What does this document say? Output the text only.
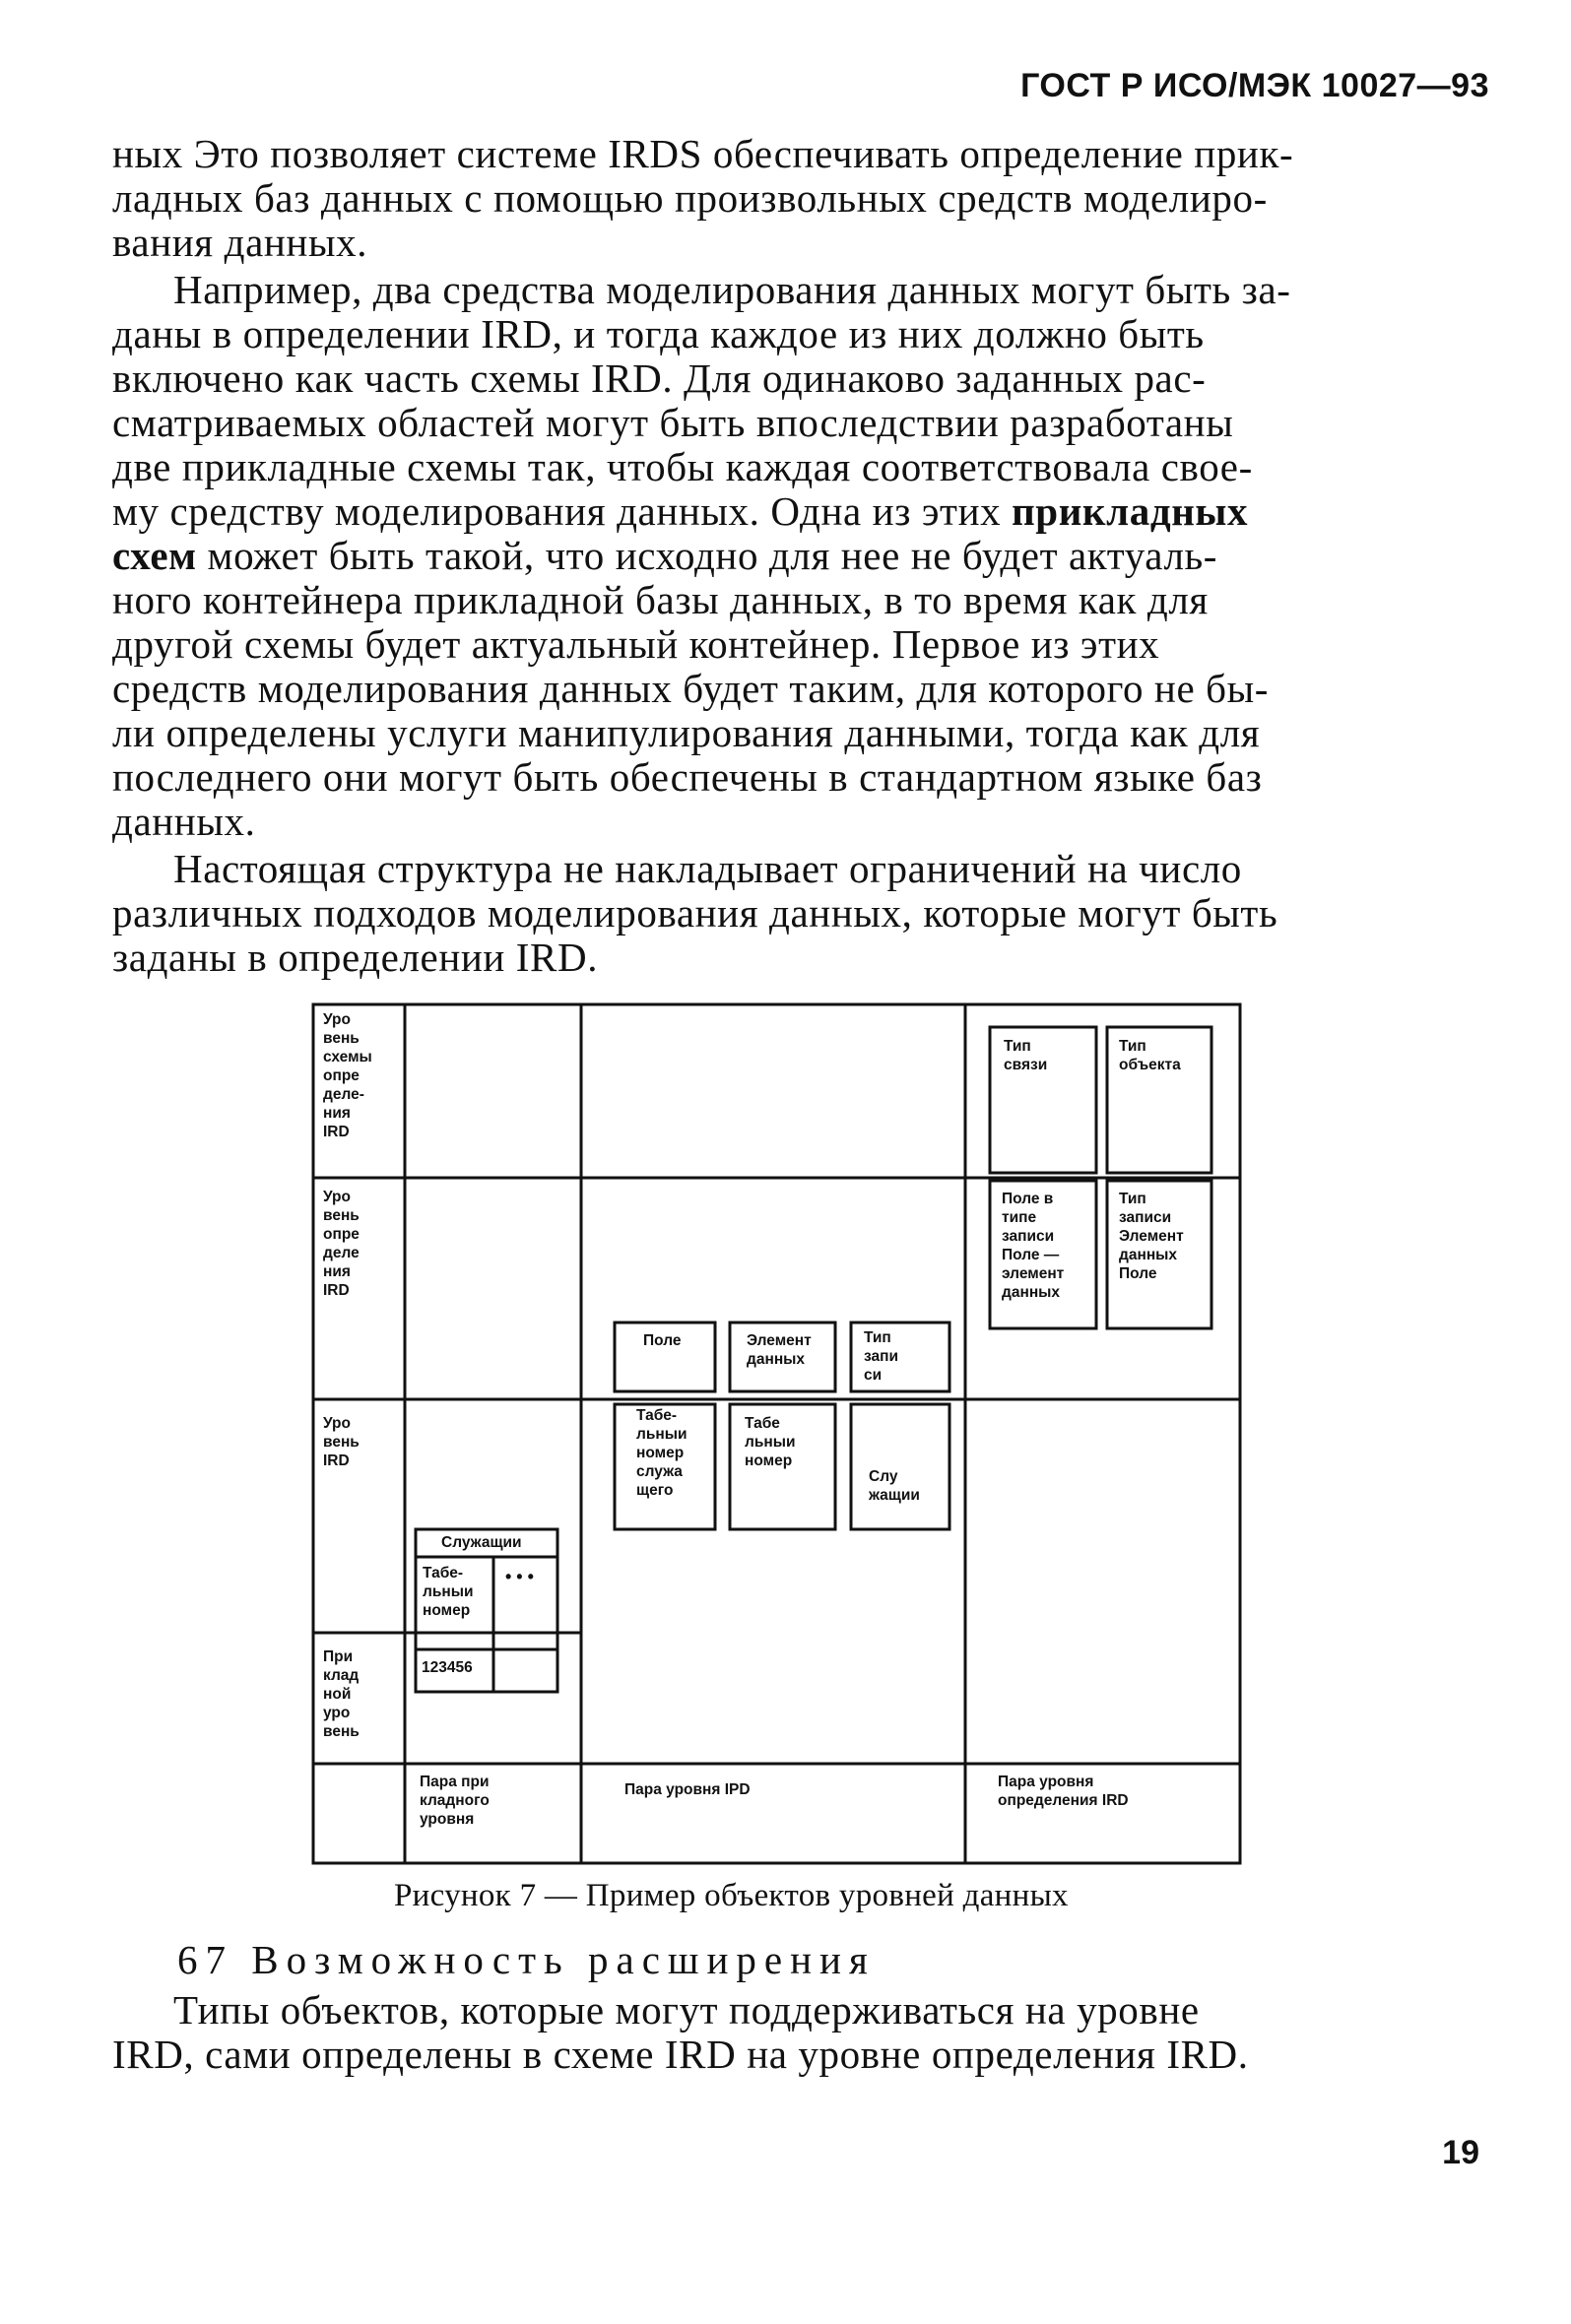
ГОСТ Р ИСО/МЭК 10027—93
ных Это позволяет системе IRDS обеспечивать определение прик-
ладных баз данных с помощью произвольных средств моделиро-
вания данных.
Например, два средства моделирования данных могут быть за-
даны в определении IRD, и тогда каждое из них должно быть
включено как часть схемы IRD. Для одинаково заданных рас-
сматриваемых областей могут быть впоследствии разработаны
две прикладные схемы так, чтобы каждая соответствовала свое-
му средству моделирования данных. Одна из этих прикладных
схем может быть такой, что исходно для нее не будет актуаль-
ного контейнера прикладной базы данных, в то время как для
другой схемы будет актуальный контейнер. Первое из этих
средств моделирования данных будет таким, для которого не бы-
ли определены услуги манипулирования данными, тогда как для
последнего они могут быть обеспечены в стандартном языке баз
данных.
Настоящая структура не накладывает ограничений на число
различных подходов моделирования данных, которые могут быть
заданы в определении IRD.
Уро
вень
схемы
опре
деле-
ния
IRD
Уро
вень
опре
деле
ния
IRD
Уро
вень
IRD
При
клад
ной
уро
вень
Тип
связи
Тип
объекта
Поле в
типе
записи
Поле —
элемент
данных
Тип
записи
Элемент
данных
Поле
Поле	Элемент
данных
Тип
запи
си
Табе-
льныи
номер
служа
щего
Табе
льныи
номер
Слу
жащии
Служащии
Табе-
льныи
номер
• • •
123456
Пара при
кладного
уровня
Пара уровня IPD	Пара уровня
определения IRD
Рисунок 7 — Пример объектов уровней данных
67 Возможность расширения
Типы объектов, которые могут поддерживаться на уровне
IRD, сами определены в схеме IRD на уровне определения IRD.
19
